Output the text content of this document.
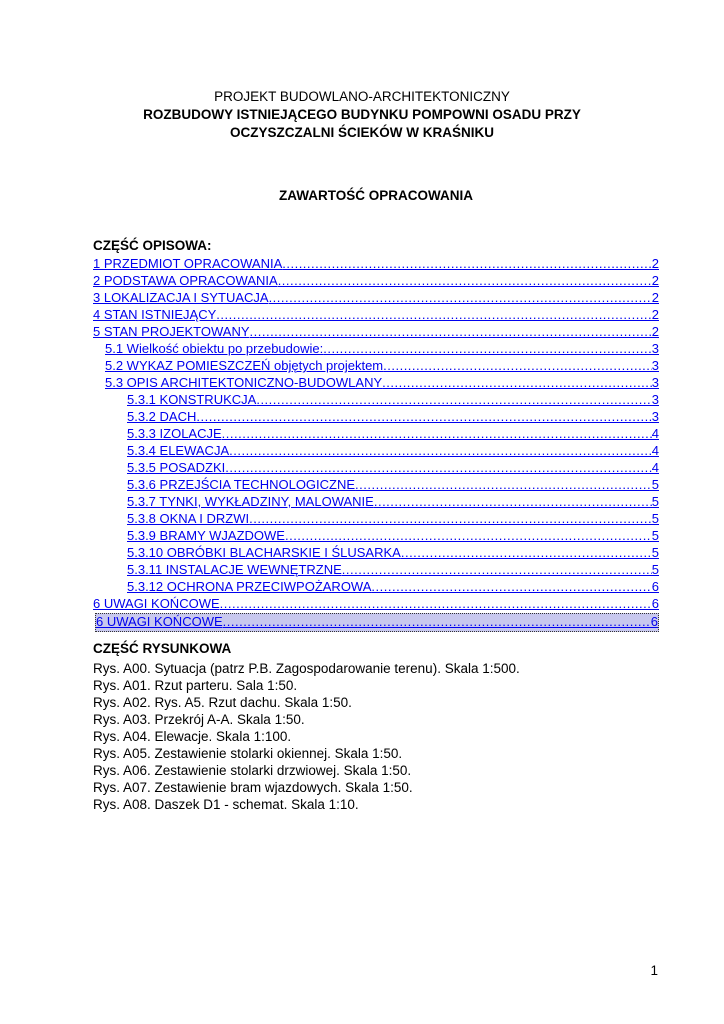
PROJEKT BUDOWLANO-ARCHITEKTONICZNY
ROZBUDOWY ISTNIEJĄCEGO BUDYNKU POMPOWNI OSADU PRZY
OCZYSZCZALNI ŚCIEKÓW W KRAŚNIKU
ZAWARTOŚĆ OPRACOWANIA
CZĘŚĆ OPISOWA:
1 PRZEDMIOT OPRACOWANIA .....	2
2 PODSTAWA OPRACOWANIA .....	2
3 LOKALIZACJA I SYTUACJA .....	2
4 STAN ISTNIEJĄCY .....	2
5 STAN PROJEKTOWANY .....	2
5.1 Wielkość obiektu po przebudowie: .....	3
5.2 WYKAZ POMIESZCZEŃ objętych projektem .....	3
5.3 OPIS ARCHITEKTONICZNO-BUDOWLANY .....	3
5.3.1 KONSTRUKCJA .....	3
5.3.2 DACH .....	3
5.3.3 IZOLACJE .....	4
5.3.4 ELEWACJA .....	4
5.3.5 POSADZKI .....	4
5.3.6 PRZEJŚCIA TECHNOLOGICZNE .....	5
5.3.7 TYNKI, WYKŁADZINY, MALOWANIE .....	5
5.3.8 OKNA I DRZWI .....	5
5.3.9 BRAMY WJAZDOWE .....	5
5.3.10 OBRÓBKI BLACHARSKIE I ŚLUSARKA .....	5
5.3.11 INSTALACJE WEWNĘTRZNE .....	5
5.3.12 OCHRONA PRZECIWPOŻAROWA .....	6
6 UWAGI KOŃCOWE .....	6
6 UWAGI KOŃCOWE .....	6
CZĘŚĆ RYSUNKOWA
Rys. A00. Sytuacja (patrz P.B. Zagospodarowanie terenu). Skala 1:500.
Rys. A01. Rzut parteru. Sala 1:50.
Rys. A02. Rys. A5. Rzut dachu. Skala 1:50.
Rys. A03. Przekrój A-A. Skala 1:50.
Rys. A04. Elewacje. Skala 1:100.
Rys. A05. Zestawienie stolarki okiennej. Skala 1:50.
Rys. A06. Zestawienie stolarki drzwiowej. Skala 1:50.
Rys. A07. Zestawienie bram wjazdowych. Skala 1:50.
Rys. A08. Daszek D1 - schemat. Skala 1:10.
1
